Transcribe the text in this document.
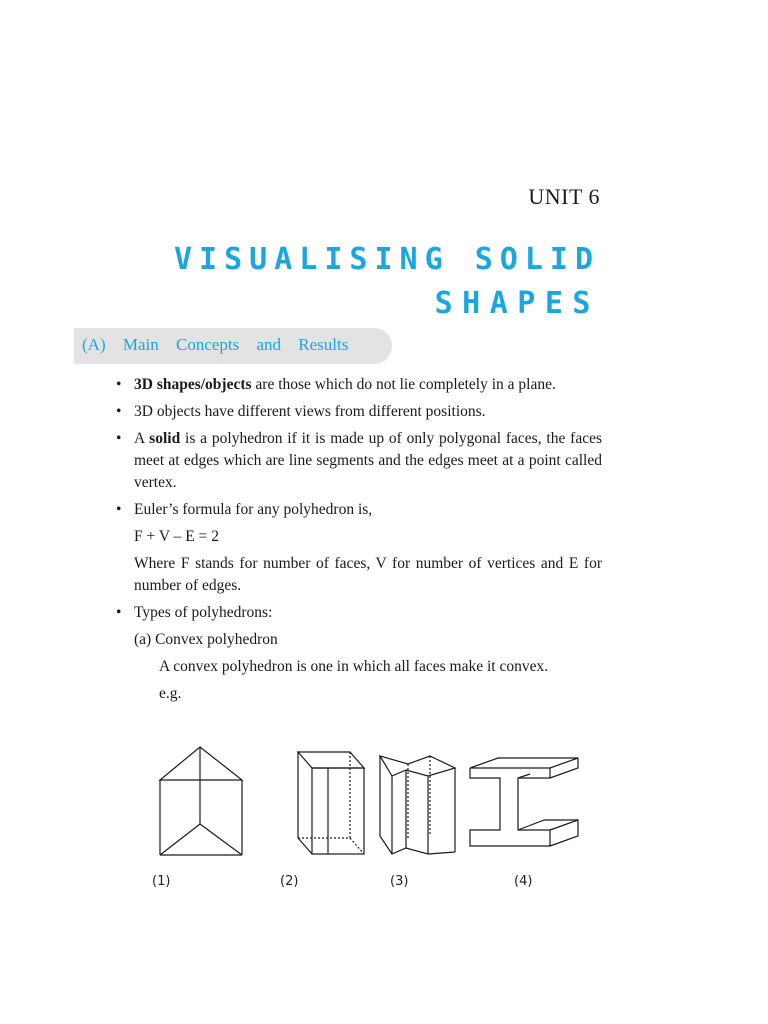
UNIT 6
VISUALISING SOLID
SHAPES
(A) Main Concepts and Results
• 3D shapes/objects are those which do not lie completely in a plane.
• 3D objects have different views from different positions.
• A solid is a polyhedron if it is made up of only polygonal faces, the faces meet at edges which are line segments and the edges meet at a point called vertex.
• Euler’s formula for any polyhedron is,
F + V – E = 2
Where F stands for number of faces, V for number of vertices and E for number of edges.
• Types of polyhedrons:
(a) Convex polyhedron
A convex polyhedron is one in which all faces make it convex.
e.g.
(1)	(2)	(3)	(4)
